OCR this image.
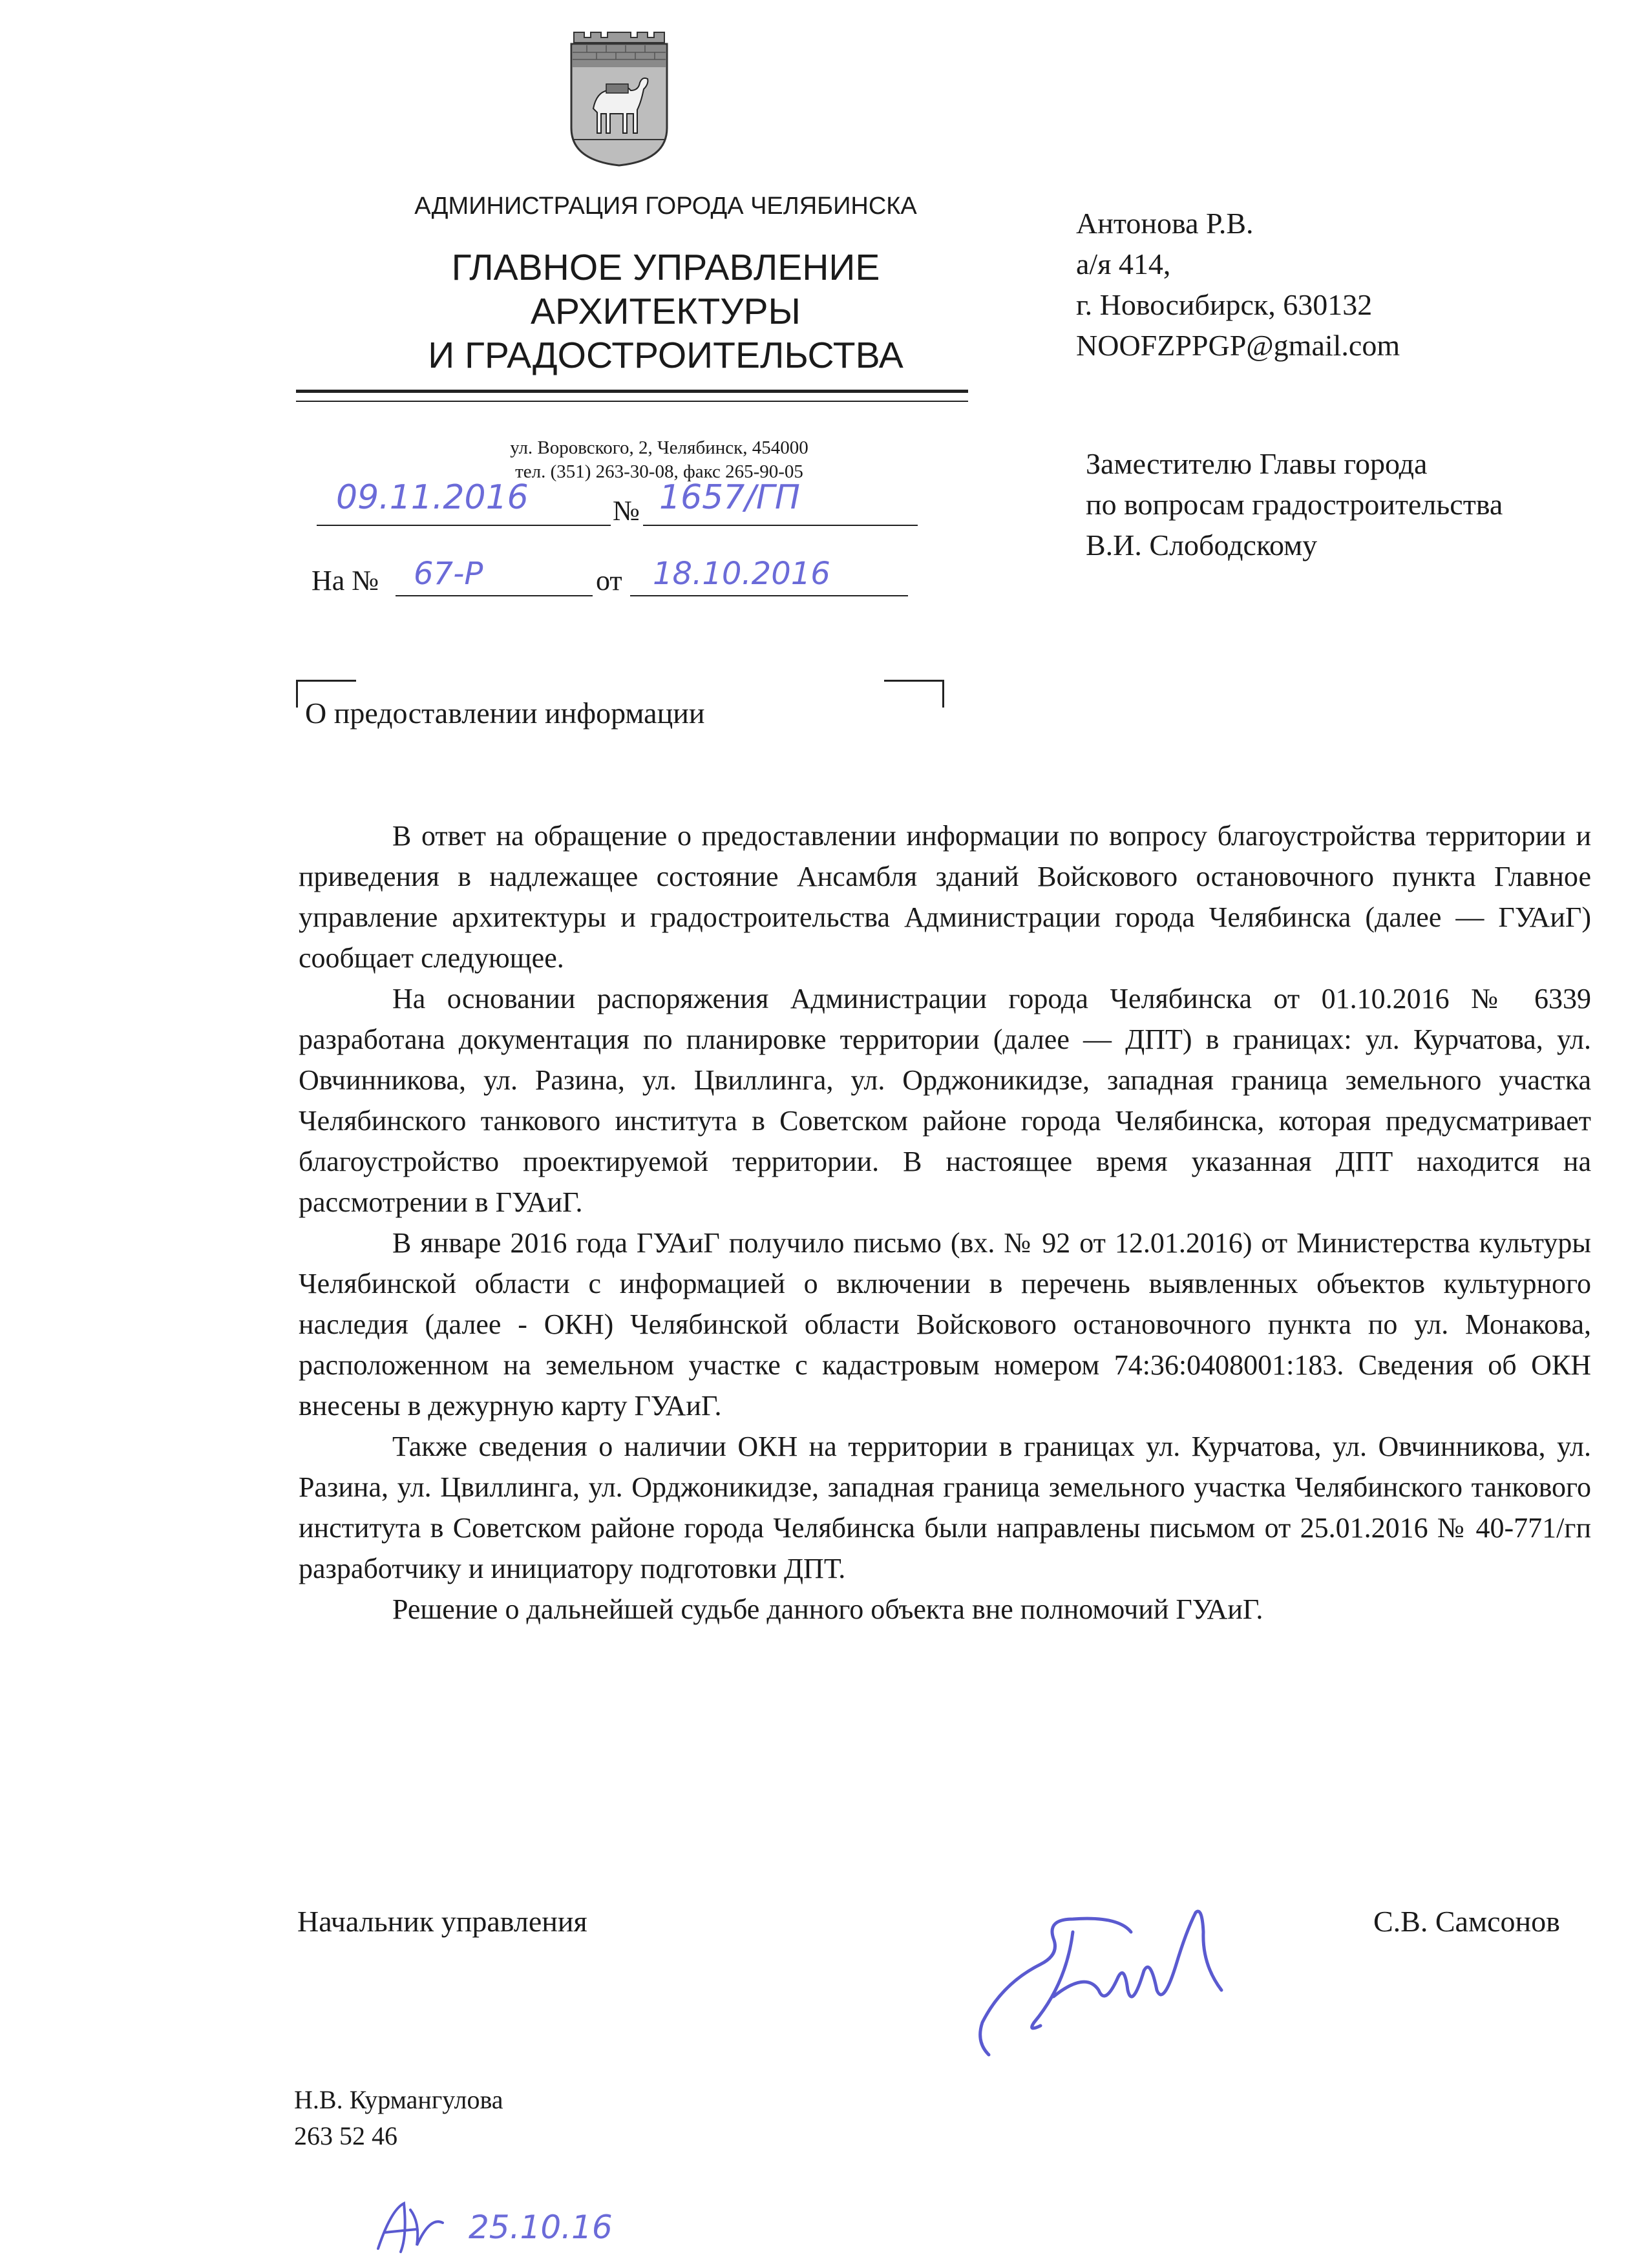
АДМИНИСТРАЦИЯ ГОРОДА ЧЕЛЯБИНСКА
ГЛАВНОЕ УПРАВЛЕНИЕ
АРХИТЕКТУРЫ
И ГРАДОСТРОИТЕЛЬСТВА
ул. Воровского, 2, Челябинск, 454000
тел. (351) 263-30-08, факс 265-90-05
09.11.2016	№ 1657/ГП
На № 67-Р	от 18.10.2016
Антонова Р.В.
а/я 414,
г. Новосибирск, 630132
NOOFZPPGP@gmail.com
Заместителю Главы города
по вопросам градостроительства
В.И. Слободскому
О предоставлении информации
В ответ на обращение о предоставлении информации по вопросу благоустройства территории и приведения в надлежащее состояние Ансамбля зданий Войскового остановочного пункта Главное управление архитектуры и градостроительства Администрации города Челябинска (далее — ГУАиГ) сообщает следующее.
На основании распоряжения Администрации города Челябинска от 01.10.2016 № 6339 разработана документация по планировке территории (далее — ДПТ) в границах: ул. Курчатова, ул. Овчинникова, ул. Разина, ул. Цвиллинга, ул. Орджоникидзе, западная граница земельного участка Челябинского танкового института в Советском районе города Челябинска, которая предусматривает благоустройство проектируемой территории. В настоящее время указанная ДПТ находится на рассмотрении в ГУАиГ.
В январе 2016 года ГУАиГ получило письмо (вх. № 92 от 12.01.2016) от Министерства культуры Челябинской области с информацией о включении в перечень выявленных объектов культурного наследия (далее - ОКН) Челябинской области Войскового остановочного пункта по ул. Монакова, расположенном на земельном участке с кадастровым номером 74:36:0408001:183. Сведения об ОКН внесены в дежурную карту ГУАиГ.
Также сведения о наличии ОКН на территории в границах ул. Курчатова, ул. Овчинникова, ул. Разина, ул. Цвиллинга, ул. Орджоникидзе, западная граница земельного участка Челябинского танкового института в Советском районе города Челябинска были направлены письмом от 25.01.2016 № 40-771/гп разработчику и инициатору подготовки ДПТ.
Решение о дальнейшей судьбе данного объекта вне полномочий ГУАиГ.
Начальник управления	С.В. Самсонов
Н.В. Курмангулова
263 52 46
25.10.16
